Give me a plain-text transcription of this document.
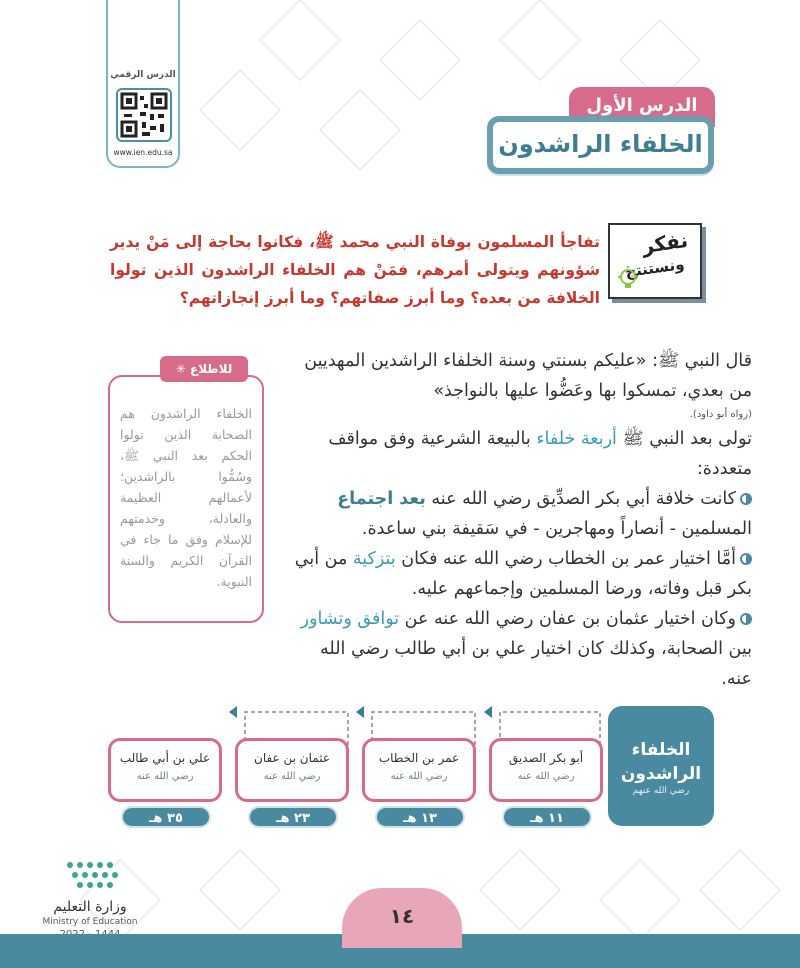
الدرس الرقمي
www.ien.edu.sa
الدرس الأول
الخلفاء الراشدون
نفكر
ونستنتج
تفاجأ المسلمون بوفاة النبي محمد ﷺ، فكانوا بحاجة إلى مَنْ يدير شؤونهم ويتولى أمرهم، فمَنْ هم الخلفاء الراشدون الذين تولوا الخلافة من بعده؟ وما أبرز صفاتهم؟ وما أبرز إنجازاتهم؟
الخلفاء الراشدون هم الصحابة الذين تولوا الحكم بعد النبي ﷺ، وسُمُّوا بالراشدين؛ لأعمالهم العظيمة والعادلة، وخدمتهم للإسلام وفق ما جاء في القرآن الكريم والسنة النبوية.
للاطلاع ✳	قال النبي ﷺ: «عليكم بسنتي وسنة الخلفاء الراشدين المهديين من بعدي، تمسكوا بها وعَضُّوا عليها بالنواجذ»

(رواه أبو داود).

تولى بعد النبي ﷺ أربعة خلفاء بالبيعة الشرعية وفق مواقف متعددة:

كانت خلافة أبي بكر الصدِّيق رضي الله عنه بعد اجتماع المسلمين - أنصاراً ومهاجرين - في سَقيفة بني ساعدة.

أمَّا اختيار عمر بن الخطاب رضي الله عنه فكان بتزكية من أبي بكر قبل وفاته، ورضا المسلمين وإجماعهم عليه.

وكان اختيار عثمان بن عفان رضي الله عنه عن توافق وتشاور بين الصحابة، وكذلك كان اختيار علي بن أبي طالب رضي الله عنه.

الخلفاء الراشدون
رضي الله عنهم
أبو بكر الصديق
رضي الله عنه
عمر بن الخطاب
رضي الله عنه
عثمان بن عفان
رضي الله عنه
علي بن أبي طالب
رضي الله عنه
١١ هـ
١٣ هـ
٢٣ هـ
٣٥ هـ
وزارة التعليم
Ministry of Education	١٤
